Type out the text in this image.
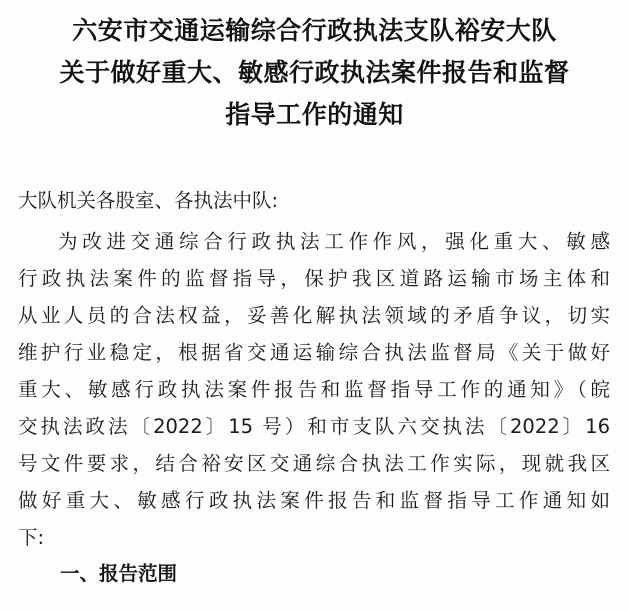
六安市交通运输综合行政执法支队裕安大队
关于做好重大、敏感行政执法案件报告和监督
指导工作的通知
大队机关各股室、各执法中队:
为改进交通综合行政执法工作作风，强化重大、敏感
行政执法案件的监督指导，保护我区道路运输市场主体和
从业人员的合法权益，妥善化解执法领域的矛盾争议，切实
维护行业稳定，根据省交通运输综合执法监督局《关于做好
重大、敏感行政执法案件报告和监督指导工作的通知》（皖
交执法政法〔2022〕15 号）和市支队六交执法〔2022〕16
号文件要求，结合裕安区交通综合执法工作实际，现就我区
做好重大、敏感行政执法案件报告和监督指导工作通知如
下:
一、报告范围
